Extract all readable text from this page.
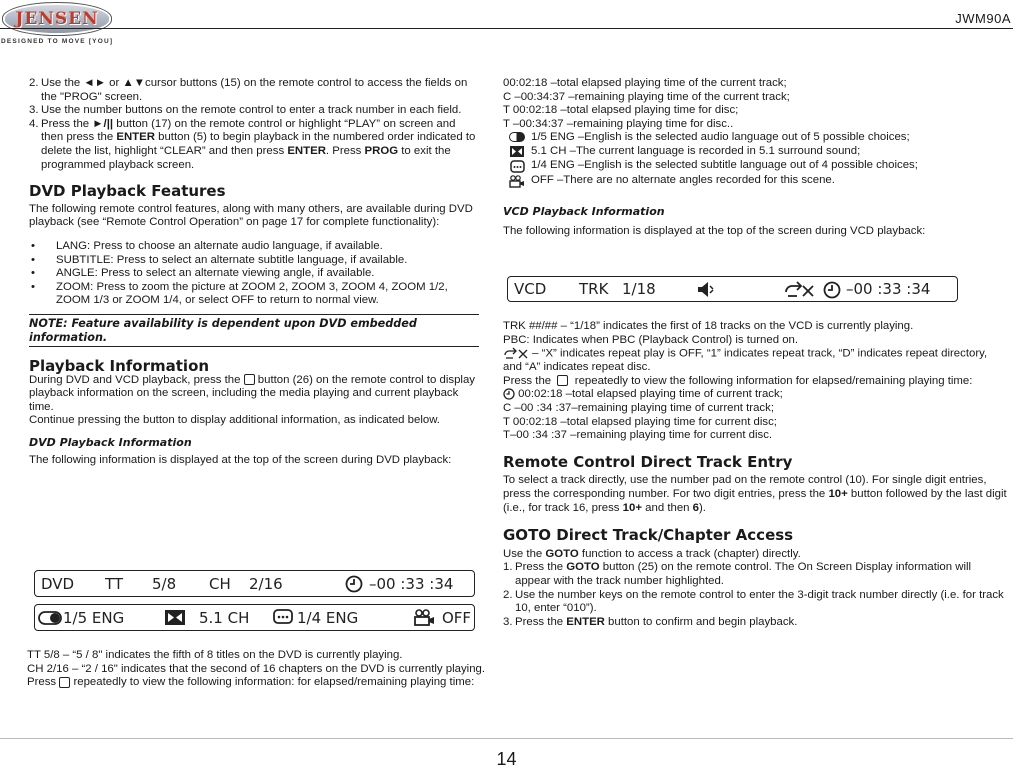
JENSEN
DESIGNED TO MOVE [YOU]
JWM90A
2. Use the ◄► or ▲▼cursor buttons (15) on the remote control to access the fields on the "PROG" screen.
3. Use the number buttons on the remote control to enter a track number in each field.
4. Press the ►/|| button (17) on the remote control or highlight “PLAY” on screen and then press the ENTER button (5) to begin playback in the numbered order indicated to delete the list, highlight “CLEAR” and then press ENTER. Press PROG to exit the programmed playback screen.
DVD Playback Features

The following remote control features, along with many others, are available during DVD playback (see “Remote Control Operation” on page 17 for complete functionality):

• LANG: Press to choose an alternate audio language, if available.
• SUBTITLE: Press to select an alternate subtitle language, if available.
• ANGLE: Press to select an alternate viewing angle, if available.
• ZOOM: Press to zoom the picture at ZOOM 2, ZOOM 3, ZOOM 4, ZOOM 1/2, ZOOM 1/3 or ZOOM 1/4, or select OFF to return to normal view.
NOTE: Feature availability is dependent upon DVD embedded information.
Playback Information

During DVD and VCD playback, press the  button (26) on the remote control to display playback information on the screen, including the media playing and current playback time.

Continue pressing the button to display additional information, as indicated below.

DVD Playback Information

The following information is displayed at the top of the screen during DVD playback:

DVD TT 5/8 CH 2/16	–00 :33 :34
1/5 ENG	5.1 CH	1/4 ENG	OFF

TT 5/8 – “5 / 8" indicates the fifth of 8 titles on the DVD is currently playing.

CH 2/16 – “2 / 16" indicates that the second of 16 chapters on the DVD is currently playing.

Press  repeatedly to view the following information: for elapsed/remaining playing time:

00:02:18 –total elapsed playing time of the current track;

C –00:34:37 –remaining playing time of the current track;

T 00:02:18 –total elapsed playing time for disc;

T –00:34:37 –remaining playing time for disc..

1/5 ENG –English is the selected audio language out of 5 possible choices;
5.1 CH –The current language is recorded in 5.1 surround sound;
1/4 ENG –English is the selected subtitle language out of 4 possible choices;
OFF –There are no alternate angles recorded for this scene.
VCD Playback Information

The following information is displayed at the top of the screen during VCD playback:

VCD TRK 1/18	–00 :33 :34

TRK ##/## – “1/18” indicates the first of 18 tracks on the VCD is currently playing.

PBC: Indicates when PBC (Playback Control) is turned on.

– “X” indicates repeat play is OFF, “1” indicates repeat track, “D” indicates repeat directory, and “A” indicates repeat disc.

Press the    repeatedly to view the following information for elapsed/remaining playing time:

00:02:18 –total elapsed playing time of current track;

C –00 :34 :37–remaining playing time of current track;

T 00:02:18 –total elapsed playing time for current disc;

T–00 :34 :37 –remaining playing time for current disc.

Remote Control Direct Track Entry

To select a track directly, use the number pad on the remote control (10). For single digit entries, press the corresponding number. For two digit entries, press the 10+ button followed by the last digit (i.e., for track 16, press 10+ and then 6).

GOTO Direct Track/Chapter Access

Use the GOTO function to access a track (chapter) directly.

1. Press the GOTO button (25) on the remote control. The On Screen Display information will appear with the track number highlighted.
2. Use the number keys on the remote control to enter the 3-digit track number directly (i.e. for track 10, enter “010”).
3. Press the ENTER button to confirm and begin playback.
14
